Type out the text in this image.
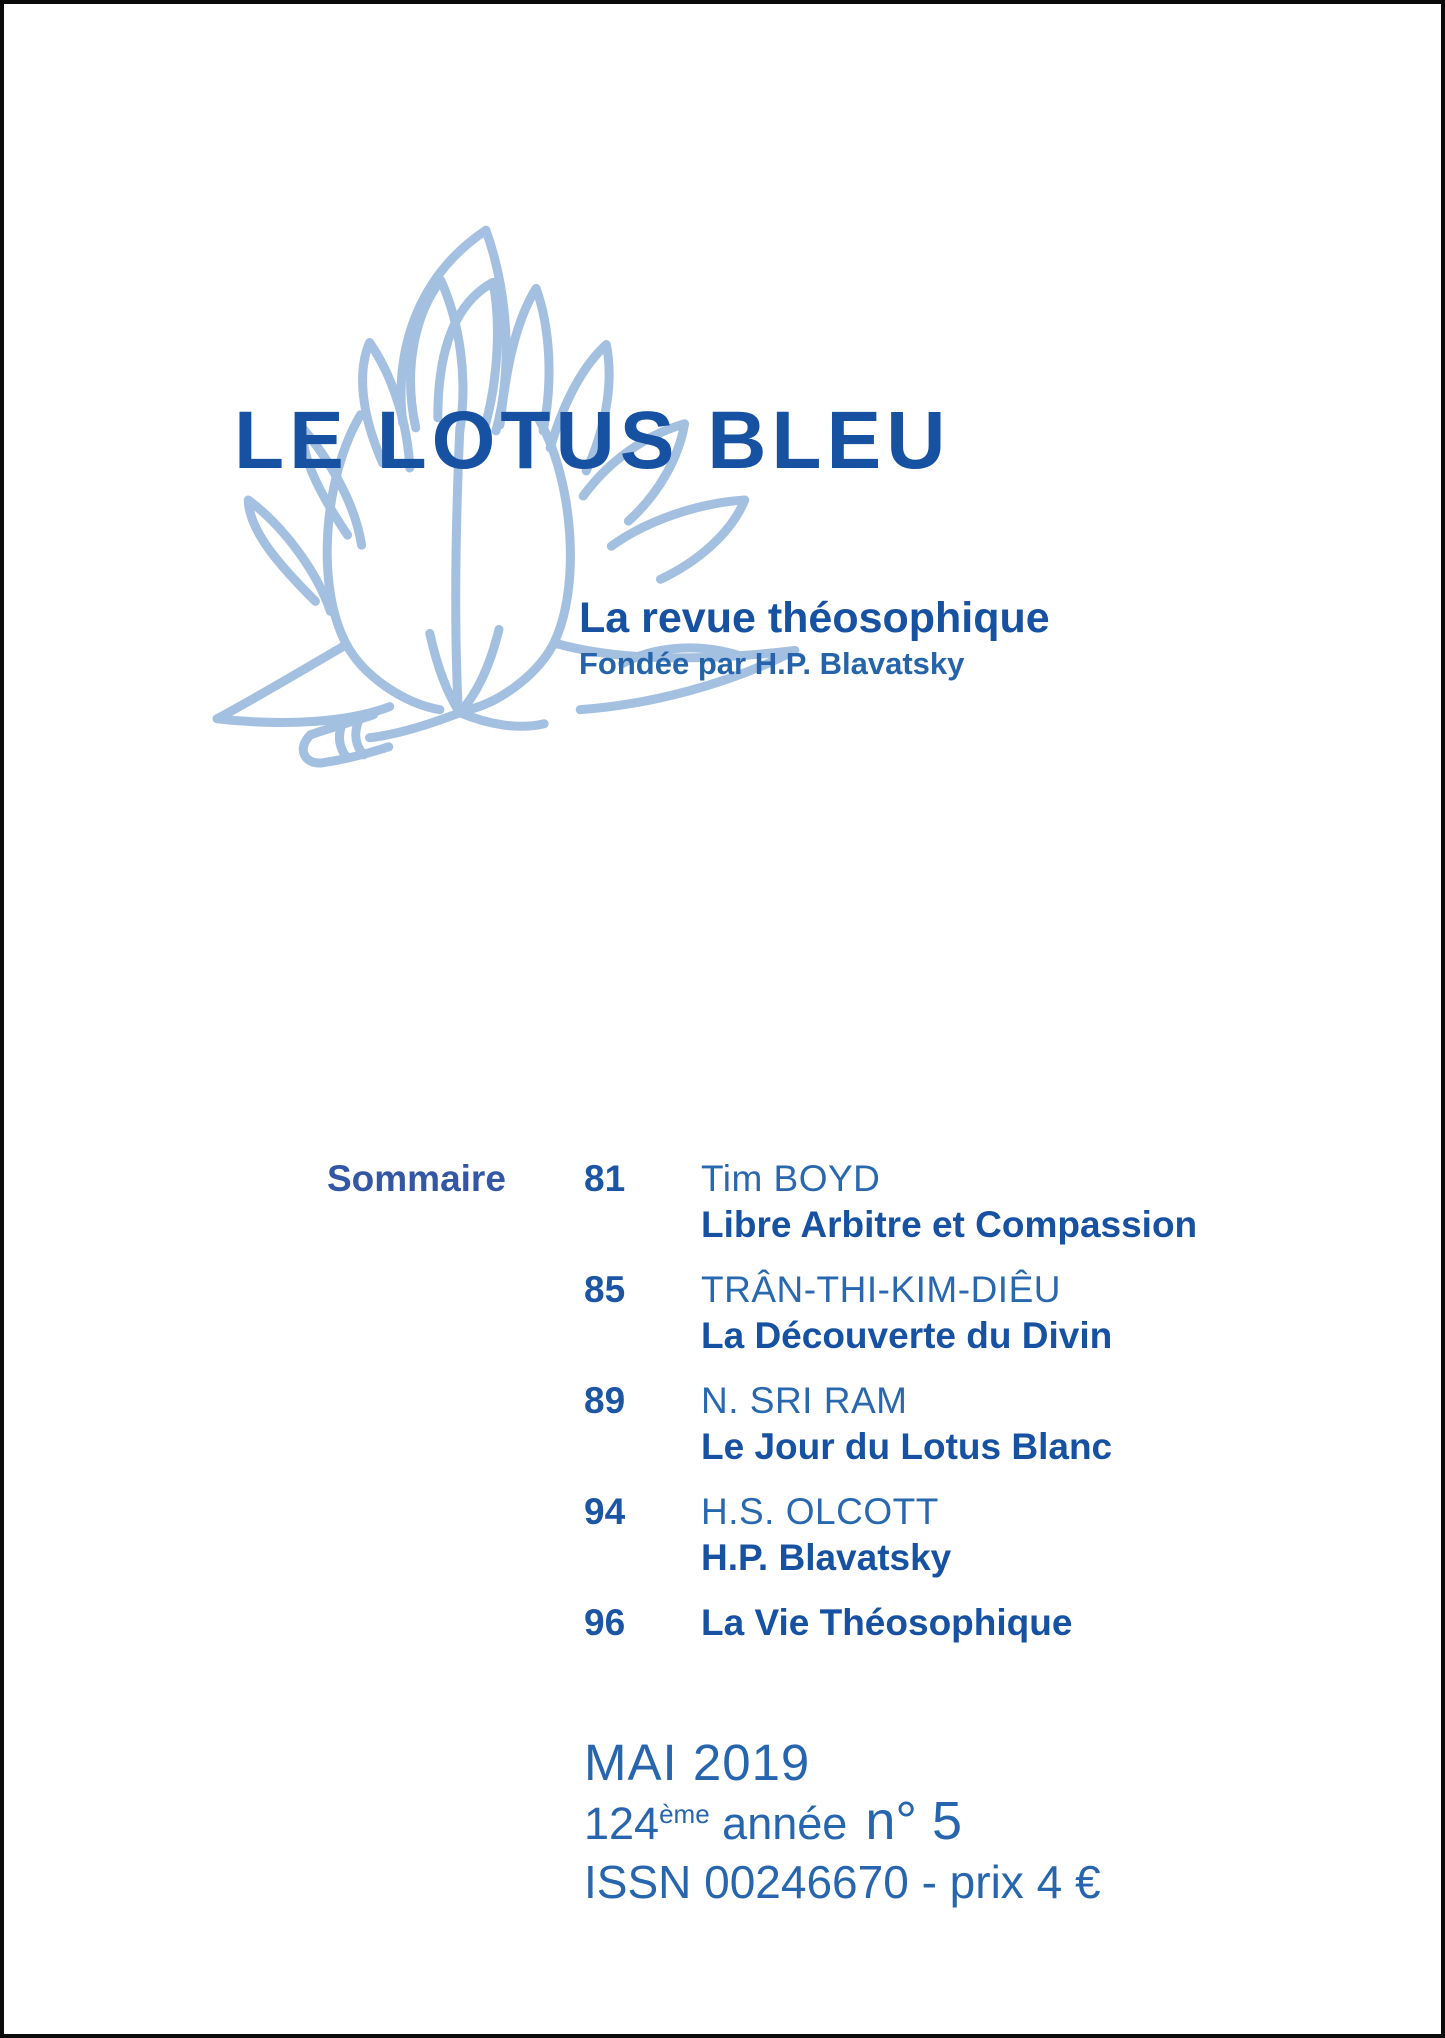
LE LOTUS BLEU
La revue théosophique
Fondée par H.P. Blavatsky
Sommaire 81	Tim BOYD
Libre Arbitre et Compassion
85	TRÂN-THI-KIM-DIÊU
La Découverte du Divin
89	N. SRI RAM
Le Jour du Lotus Blanc
94	H.S. OLCOTT
H.P. Blavatsky
96	La Vie Théosophique
MAI 2019
124ème année n° 5
ISSN 00246670 - prix 4 €
